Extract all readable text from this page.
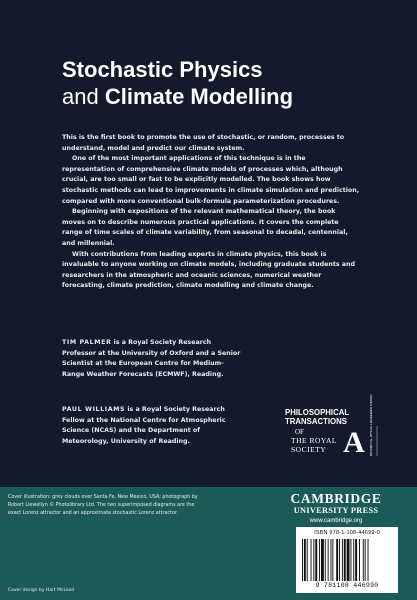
Stochastic Physics
and Climate Modelling

This is the first book to promote the use of stochastic, or random, processes to understand, model and predict our climate system.

One of the most important applications of this technique is in the representation of comprehensive climate models of processes which, although crucial, are too small or fast to be explicitly modelled. The book shows how stochastic methods can lead to improvements in climate simulation and prediction, compared with more conventional bulk-formula parameterization procedures.

Beginning with expositions of the relevant mathematical theory, the book moves on to describe numerous practical applications. It covers the complete range of time scales of climate variability, from seasonal to decadal, centennial, and millennial.

With contributions from leading experts in climate physics, this book is invaluable to anyone working on climate models, including graduate students and researchers in the atmospheric and oceanic sciences, numerical weather forecasting, climate prediction, climate modelling and climate change.

TIM PALMER is a Royal Society Research Professor at the University of Oxford and a Senior Scientist at the European Centre for Medium-Range Weather Forecasts (ECMWF), Reading.
PAUL WILLIAMS is a Royal Society Research Fellow at the National Centre for Atmospheric Science (NCAS) and the Department of Meteorology, University of Reading.
PHILOSOPHICAL
TRANSACTIONS
OF
THE ROYAL
SOCIETY A	MATHEMATICAL, PHYSICAL & ENGINEERING SCIENCES
Cover illustration: grey clouds over Santa Fe, New Mexico, USA; photograph by Robert Llewellyn © Photolibrary Ltd. The two superimposed diagrams are the exact Lorenz attractor and an approximate stochastic Lorenz attractor.
Cover design by Hart McLeod
CAMBRIDGE
UNIVERSITY PRESS
www.cambridge.org
ISBN 978-1-108-44699-0
9 781108 446990
